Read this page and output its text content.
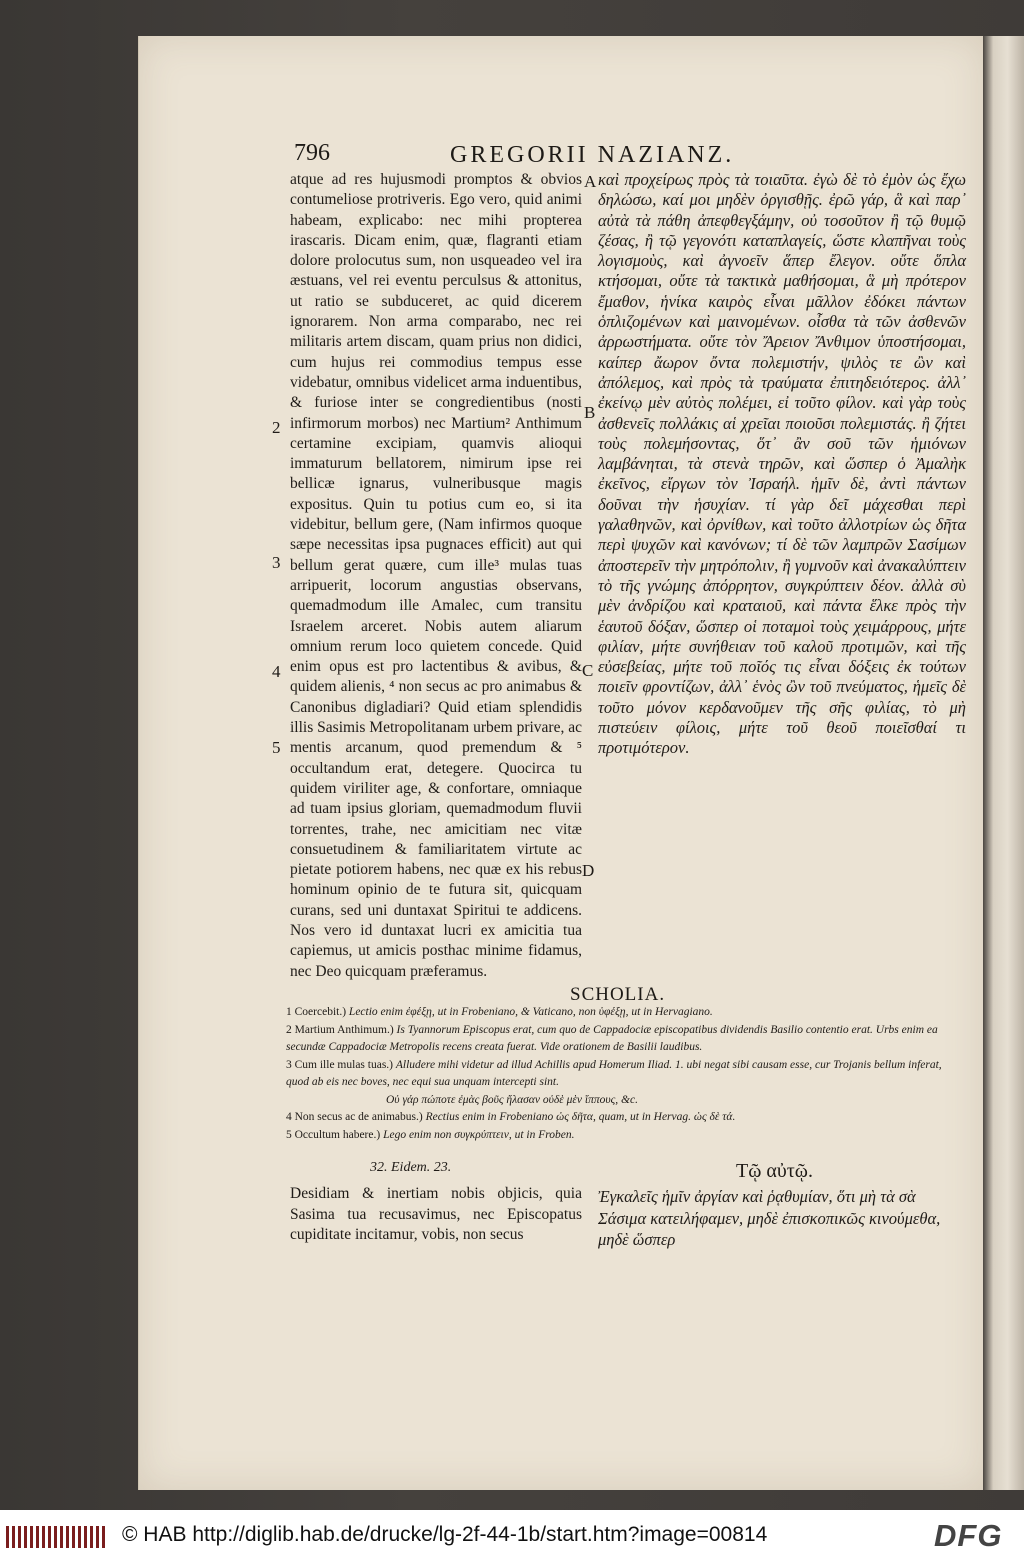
796	GREGORII NAZIANZ.

atque ad res hujusmodi promptos & obvios contumeliose protriveris. Ego vero, quid animi habeam, explicabo: nec mihi propterea irascaris. Dicam enim, quæ, flagranti etiam dolore prolocutus sum, non usqueadeo vel ira æstuans, vel rei eventu perculsus & attonitus, ut ratio se subduceret, ac quid dicerem ignorarem. Non arma comparabo, nec rei militaris artem discam, quam prius non didici, cum hujus rei commodius tempus esse videbatur, omnibus videlicet arma induentibus, & furiose inter se congredientibus (nosti infirmorum morbos) nec Martium² Anthimum certamine excipiam, quamvis alioqui immaturum bellatorem, nimirum ipse rei bellicæ ignarus, vulneribusque magis expositus. Quin tu potius cum eo, si ita videbitur, bellum gere, (Nam infirmos quoque sæpe necessitas ipsa pugnaces efficit) aut qui bellum gerat quære, cum ille³ mulas tuas arripuerit, locorum angustias observans, quemadmodum ille Amalec, cum transitu Israelem arceret. Nobis autem aliarum omnium rerum loco quietem concede. Quid enim opus est pro lactentibus & avibus, & quidem alienis, ⁴ non secus ac pro animabus & Canonibus digladiari? Quid etiam splendidis illis Sasimis Metropolitanam urbem privare, ac mentis arcanum, quod premendum & ⁵ occultandum erat, detegere. Quocirca tu quidem viriliter age, & confortare, omniaque ad tuam ipsius gloriam, quemadmodum fluvii torrentes, trahe, nec amicitiam nec vitæ consuetudinem & familiaritatem virtute ac pietate potiorem habens, nec quæ ex his rebus hominum opinio de te futura sit, quicquam curans, sed uni duntaxat Spiritui te addicens. Nos vero id duntaxat lucri ex amicitia tua capiemus, ut amicis posthac minime fidamus, nec Deo quicquam præferamus.

καὶ προχείρως πρὸς τὰ τοιαῦτα. ἐγὼ δὲ τὸ ἐμὸν ὡς ἔχω δηλώσω, καί μοι μηδὲν ὀργισθῇς. ἐρῶ γάρ, ἃ καὶ παρ᾽ αὐτὰ τὰ πάθη ἀπεφθεγξάμην, οὐ τοσοῦτον ἢ τῷ θυμῷ ζέσας, ἢ τῷ γεγονότι καταπλαγείς, ὥστε κλαπῆναι τοὺς λογισμοὺς, καὶ ἀγνοεῖν ἅπερ ἔλεγον. οὔτε ὅπλα κτήσομαι, οὔτε τὰ τακτικὰ μαθήσομαι, ἃ μὴ πρότερον ἔμαθον, ἡνίκα καιρὸς εἶναι μᾶλλον ἐδόκει πάντων ὁπλιζομένων καὶ μαινομένων. οἶσθα τὰ τῶν ἀσθενῶν ἀρρωστήματα. οὔτε τὸν Ἄρειον Ἄνθιμον ὑποστήσομαι, καίπερ ἄωρον ὄντα πολεμιστήν, ψιλὸς τε ὢν καὶ ἀπόλεμος, καὶ πρὸς τὰ τραύματα ἐπιτηδειότερος. ἀλλ᾽ ἐκείνῳ μὲν αὐτὸς πολέμει, εἰ τοῦτο φίλον. καὶ γὰρ τοὺς ἀσθενεῖς πολλάκις αἱ χρεῖαι ποιοῦσι πολεμιστάς. ἢ ζήτει τοὺς πολεμήσοντας, ὅτ᾽ ἂν σοῦ τῶν ἡμιόνων λαμβάνηται, τὰ στενὰ τηρῶν, καὶ ὥσπερ ὁ Ἀμαλὴκ ἐκεῖνος, εἴργων τὸν Ἰσραήλ. ἡμῖν δὲ, ἀντὶ πάντων δοῦναι τὴν ἡσυχίαν. τί γὰρ δεῖ μάχεσθαι περὶ γαλαθηνῶν, καὶ ὀρνίθων, καὶ τοῦτο ἀλλοτρίων ὡς δῆτα περὶ ψυχῶν καὶ κανόνων; τί δὲ τῶν λαμπρῶν Σασίμων ἀποστερεῖν τὴν μητρόπολιν, ἢ γυμνοῦν καὶ ἀνακαλύπτειν τὸ τῆς γνώμης ἀπόρρητον, συγκρύπτειν δέον. ἀλλὰ σὺ μὲν ἀνδρίζου καὶ κραταιοῦ, καὶ πάντα ἕλκε πρὸς τὴν ἑαυτοῦ δόξαν, ὥσπερ οἱ ποταμοὶ τοὺς χειμάρρους, μήτε φιλίαν, μήτε συνήθειαν τοῦ καλοῦ προτιμῶν, καὶ τῆς εὐσεβείας, μήτε τοῦ ποῖός τις εἶναι δόξεις ἐκ τούτων ποιεῖν φροντίζων, ἀλλ᾽ ἑνὸς ὢν τοῦ πνεύματος, ἡμεῖς δὲ τοῦτο μόνον κερδανοῦμεν τῆς σῆς φιλίας, τὸ μὴ πιστεύειν φίλοις, μήτε τοῦ θεοῦ ποιεῖσθαί τι προτιμότερον.

A
B
C
D
2
3
4
5
SCHOLIA.
1 Coercebit.) Lectio enim ἐφέξῃ, ut in Frobeniano, & Vaticano, non ὑφέξῃ, ut in Hervagiano.
2 Martium Anthimum.) Is Tyannorum Episcopus erat, cum quo de Cappadociæ episcopatibus dividendis Basilio contentio erat. Urbs enim ea secundæ Cappadociæ Metropolis recens creata fuerat. Vide orationem de Basilii laudibus.
3 Cum ille mulas tuas.) Alludere mihi videtur ad illud Achillis apud Homerum Iliad. 1. ubi negat sibi causam esse, cur Trojanis bellum inferat, quod ab eis nec boves, nec equi sua unquam intercepti sint.
Οὐ γάρ πώποτε ἐμὰς βοῦς ἤλασαν οὐδὲ μὲν ἵππους, &c.
4 Non secus ac de animabus.) Rectius enim in Frobeniano ὡς δῆτα, quam, ut in Hervag. ὡς δὲ τά.
5 Occultum habere.) Lego enim non συγκρύπτειν, ut in Froben.
32. Eidem. 23.	Τῷ αὐτῷ.

Desidiam & inertiam nobis objicis, quia Sasima tua recusavimus, nec Episcopatus cupiditate incitamur, vobis, non secus

Ἐγκαλεῖς ἡμῖν ἀργίαν καὶ ῥᾳθυμίαν, ὅτι μὴ τὰ σὰ Σάσιμα κατειλήφαμεν, μηδὲ ἐπισκοπικῶς κινούμεθα, μηδὲ ὥσπερ

© HAB http://diglib.hab.de/drucke/lg-2f-44-1b/start.htm?image=00814	DFG
